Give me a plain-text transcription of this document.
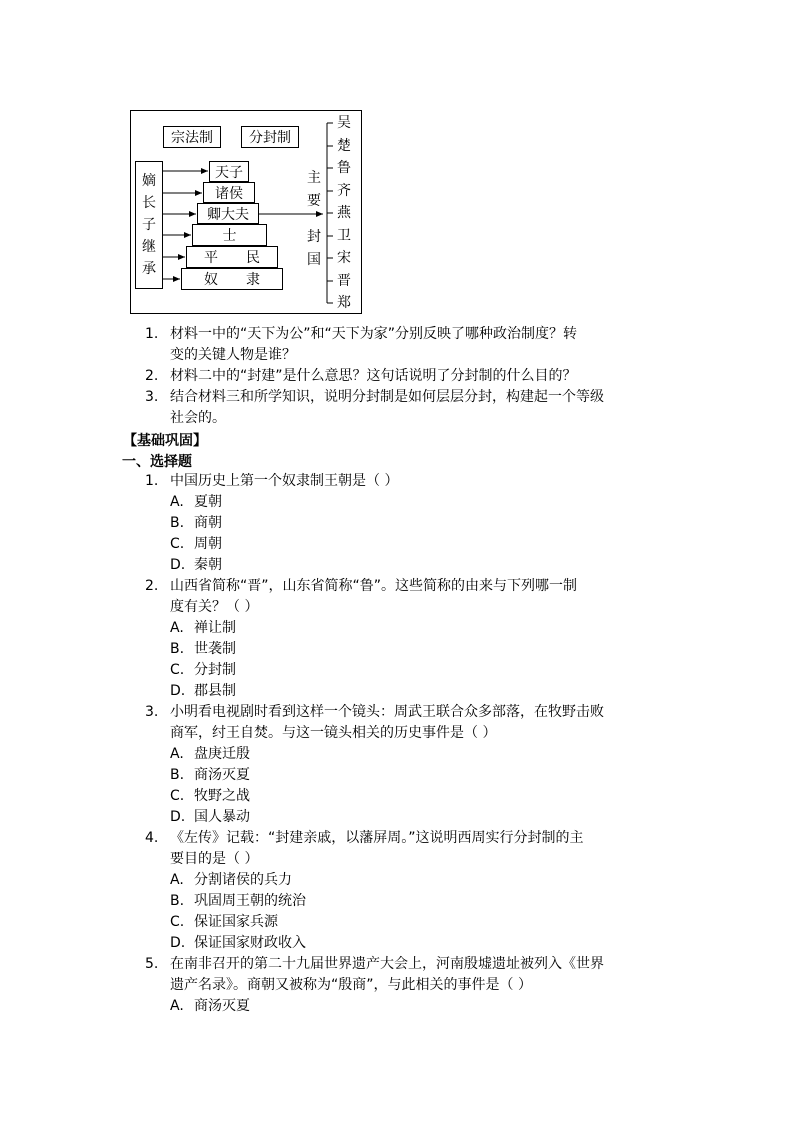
宗法制	分封制
嫡
长
子
继
承
天子
诸侯
卿大夫
士
平　　民
奴　　隶
主
要
封
国
吴
楚
鲁
齐
燕
卫
宋
晋
郑
1. 材料一中的“天下为公”和“天下为家”分别反映了哪种政治制度？转
变的关键人物是谁？
2. 材料二中的“封建”是什么意思？这句话说明了分封制的什么目的？
3. 结合材料三和所学知识，说明分封制是如何层层分封，构建起一个等级
社会的。
【基础巩固】
一、选择题
1. 中国历史上第一个奴隶制王朝是（ ）
A. 夏朝
B. 商朝
C. 周朝
D. 秦朝
2. 山西省简称“晋”，山东省简称“鲁”。这些简称的由来与下列哪一制
度有关？（ ）
A. 禅让制
B. 世袭制
C. 分封制
D. 郡县制
3. 小明看电视剧时看到这样一个镜头：周武王联合众多部落，在牧野击败
商军，纣王自焚。与这一镜头相关的历史事件是（ ）
A. 盘庚迁殷
B. 商汤灭夏
C. 牧野之战
D. 国人暴动
4. 《左传》记载：“封建亲戚，以藩屏周。”这说明西周实行分封制的主
要目的是（ ）
A. 分割诸侯的兵力
B. 巩固周王朝的统治
C. 保证国家兵源
D. 保证国家财政收入
5. 在南非召开的第二十九届世界遗产大会上，河南殷墟遗址被列入《世界
遗产名录》。商朝又被称为“殷商”，与此相关的事件是（ ）
A. 商汤灭夏
